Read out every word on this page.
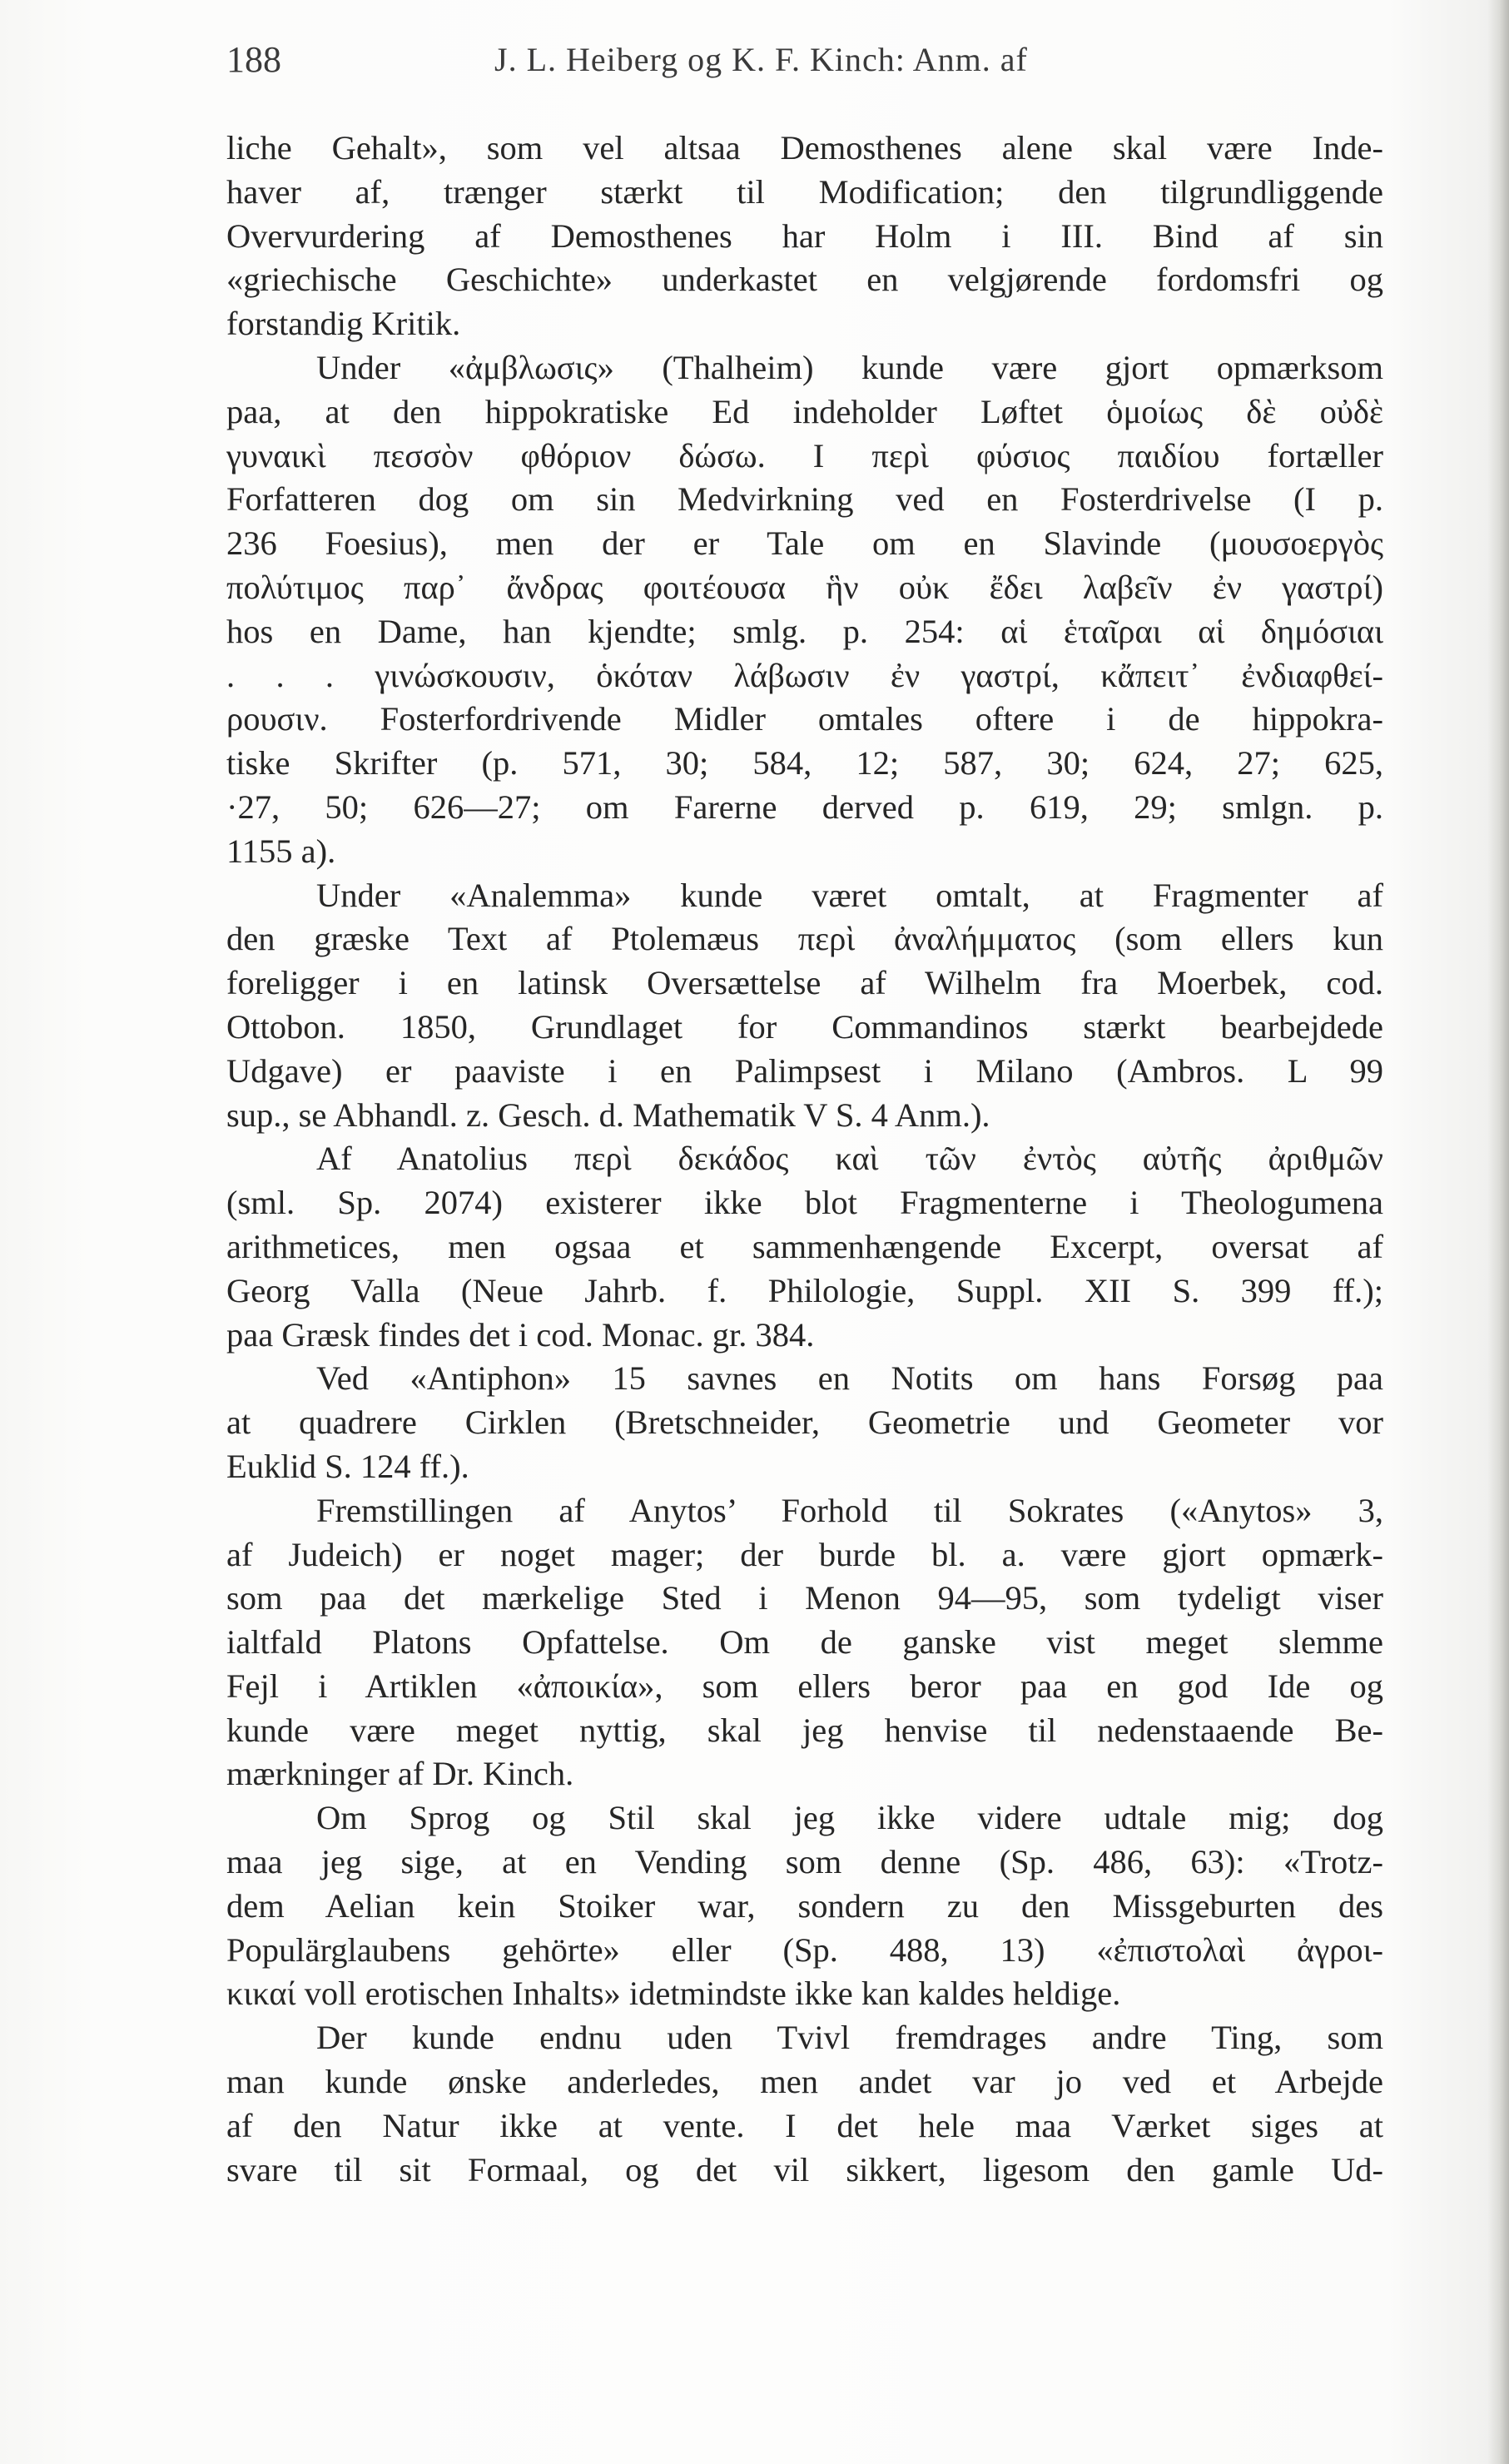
188	J. L. Heiberg og K. F. Kinch: Anm. af
liche Gehalt», som vel altsaa Demosthenes alene skal være Inde-
haver af, trænger stærkt til Modification; den tilgrundliggende
Overvurdering af Demosthenes har Holm i III. Bind af sin
«griechische Geschichte» underkastet en velgjørende fordomsfri og
forstandig Kritik.
Under «ἀμβλωσις» (Thalheim) kunde være gjort opmærksom
paa, at den hippokratiske Ed indeholder Løftet ὁμοίως δὲ οὐδὲ
γυναικὶ πεσσὸν φθόριον δώσω. I περὶ φύσιος παιδίου fortæller
Forfatteren dog om sin Medvirkning ved en Fosterdrivelse (I p.
236 Foesius), men der er Tale om en Slavinde (μουσοεργὸς
πολύτιμος παρ᾽ ἄνδρας φοιτέουσα ἣν οὐκ ἔδει λαβεῖν ἐν γαστρί)
hos en Dame, han kjendte; smlg. p. 254: αἱ ἑταῖραι αἱ δημόσιαι
. . . γινώσκουσιν, ὁκόταν λάβωσιν ἐν γαστρί, κἄπειτ᾽ ἐνδιαφθεί-
ρουσιν. Fosterfordrivende Midler omtales oftere i de hippokra-
tiske Skrifter (p. 571, 30; 584, 12; 587, 30; 624, 27; 625,
·27, 50; 626—27; om Farerne derved p. 619, 29; smlgn. p.
1155 a).
Under «Analemma» kunde været omtalt, at Fragmenter af
den græske Text af Ptolemæus περὶ ἀναλήμματος (som ellers kun
foreligger i en latinsk Oversættelse af Wilhelm fra Moerbek, cod.
Ottobon. 1850, Grundlaget for Commandinos stærkt bearbejdede
Udgave) er paaviste i en Palimpsest i Milano (Ambros. L 99
sup., se Abhandl. z. Gesch. d. Mathematik V S. 4 Anm.).
Af Anatolius περὶ δεκάδος καὶ τῶν ἐντὸς αὐτῆς ἀριθμῶν
(sml. Sp. 2074) existerer ikke blot Fragmenterne i Theologumena
arithmetices, men ogsaa et sammenhængende Excerpt, oversat af
Georg Valla (Neue Jahrb. f. Philologie, Suppl. XII S. 399 ff.);
paa Græsk findes det i cod. Monac. gr. 384.
Ved «Antiphon» 15 savnes en Notits om hans Forsøg paa
at quadrere Cirklen (Bretschneider, Geometrie und Geometer vor
Euklid S. 124 ff.).
Fremstillingen af Anytos’ Forhold til Sokrates («Anytos» 3,
af Judeich) er noget mager; der burde bl. a. være gjort opmærk-
som paa det mærkelige Sted i Menon 94—95, som tydeligt viser
ialtfald Platons Opfattelse. Om de ganske vist meget slemme
Fejl i Artiklen «ἀποικία», som ellers beror paa en god Ide og
kunde være meget nyttig, skal jeg henvise til nedenstaaende Be-
mærkninger af Dr. Kinch.
Om Sprog og Stil skal jeg ikke videre udtale mig; dog
maa jeg sige, at en Vending som denne (Sp. 486, 63): «Trotz-
dem Aelian kein Stoiker war, sondern zu den Missgeburten des
Populärglaubens gehörte» eller (Sp. 488, 13) «ἐπιστολαὶ ἀγροι-
κικαί voll erotischen Inhalts» idetmindste ikke kan kaldes heldige.
Der kunde endnu uden Tvivl fremdrages andre Ting, som
man kunde ønske anderledes, men andet var jo ved et Arbejde
af den Natur ikke at vente. I det hele maa Værket siges at
svare til sit Formaal, og det vil sikkert, ligesom den gamle Ud-
